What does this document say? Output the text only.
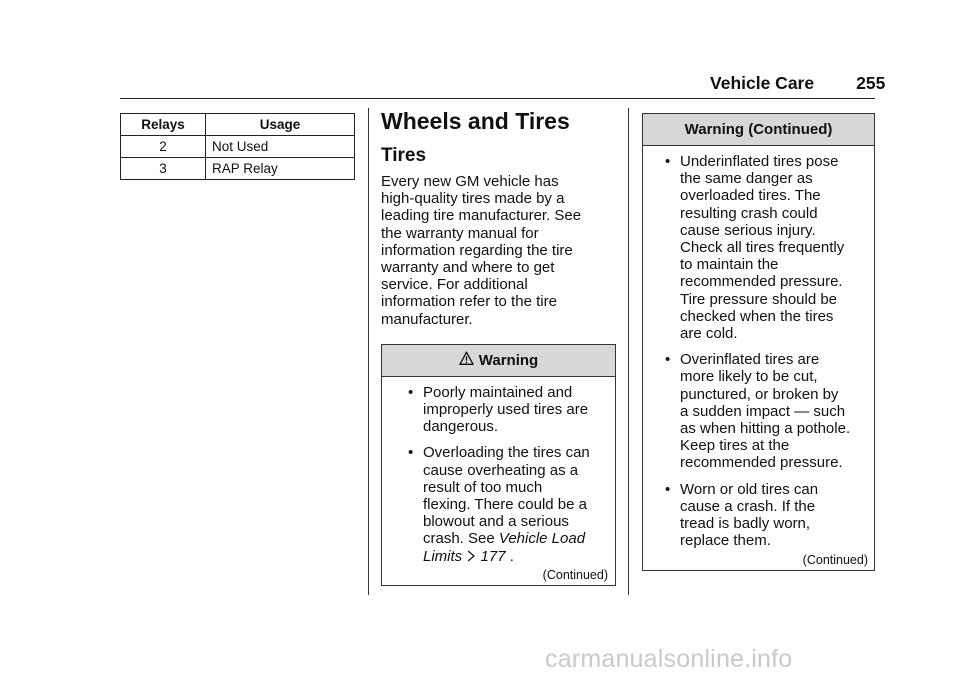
Vehicle Care 255
Relays	Usage
2	Not Used
3	RAP Relay
Wheels and Tires
Tires

Every new GM vehicle has
high-quality tires made by a
leading tire manufacturer. See
the warranty manual for
information regarding the tire
warranty and where to get
service. For additional
information refer to the tire
manufacturer.

Warning
• Poorly maintained and
improperly used tires are
dangerous.
• Overloading the tires can
cause overheating as a
result of too much
flexing. There could be a
blowout and a serious
crash. See Vehicle Load
Limits 177 .
(Continued)
Warning (Continued)
• Underinflated tires pose
the same danger as
overloaded tires. The
resulting crash could
cause serious injury.
Check all tires frequently
to maintain the
recommended pressure.
Tire pressure should be
checked when the tires
are cold.
• Overinflated tires are
more likely to be cut,
punctured, or broken by
a sudden impact — such
as when hitting a pothole.
Keep tires at the
recommended pressure.
• Worn or old tires can
cause a crash. If the
tread is badly worn,
replace them.
(Continued)
carmanualsonline.info
